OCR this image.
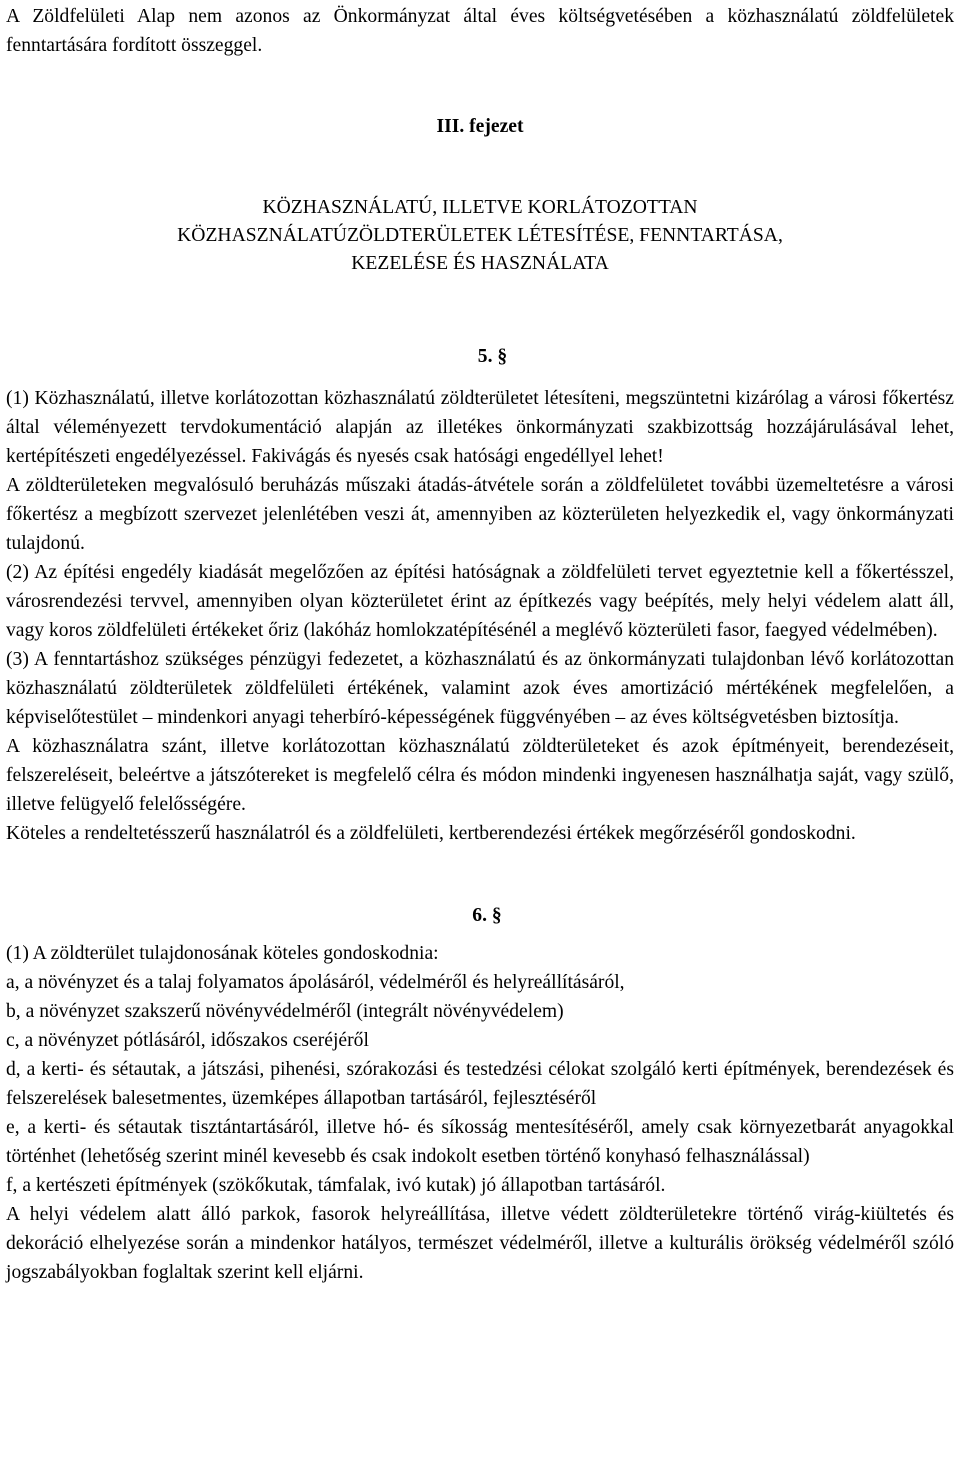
A Zöldfelületi Alap nem azonos az Önkormányzat által éves költségvetésében a közhasználatú zöldfelületek fenntartására fordított összeggel.

III. fejezet
KÖZHASZNÁLATÚ, ILLETVE KORLÁTOZOTTAN
KÖZHASZNÁLATÚZÖLDTERÜLETEK LÉTESÍTÉSE, FENNTARTÁSA,
KEZELÉSE ÉS HASZNÁLATA
5. §

(1) Közhasználatú, illetve korlátozottan közhasználatú zöldterületet létesíteni, megszüntetni kizárólag a városi főkertész által véleményezett tervdokumentáció alapján az illetékes önkormányzati szakbizottság hozzájárulásával lehet, kertépítészeti engedélyezéssel. Fakivágás és nyesés csak hatósági engedéllyel lehet!

A zöldterületeken megvalósuló beruházás műszaki átadás-átvétele során a zöldfelületet további üzemeltetésre a városi főkertész a megbízott szervezet jelenlétében veszi át, amennyiben az közterületen helyezkedik el, vagy önkormányzati tulajdonú.

(2) Az építési engedély kiadását megelőzően az építési hatóságnak a zöldfelületi tervet egyeztetnie kell a főkertésszel, városrendezési tervvel, amennyiben olyan közterületet érint az építkezés vagy beépítés, mely helyi védelem alatt áll, vagy koros zöldfelületi értékeket őriz (lakóház homlokzatépítésénél a meglévő közterületi fasor, faegyed védelmében).

(3) A fenntartáshoz szükséges pénzügyi fedezetet, a közhasználatú és az önkormányzati tulajdonban lévő korlátozottan közhasználatú zöldterületek zöldfelületi értékének, valamint azok éves amortizáció mértékének megfelelően, a képviselőtestület – mindenkori anyagi teherbíró-képességének függvényében – az éves költségvetésben biztosítja.

A közhasználatra szánt, illetve korlátozottan közhasználatú zöldterületeket és azok építményeit, berendezéseit, felszereléseit, beleértve a játszótereket is megfelelő célra és módon mindenki ingyenesen használhatja saját, vagy szülő, illetve felügyelő felelősségére.

Köteles a rendeltetésszerű használatról és a zöldfelületi, kertberendezési értékek megőrzéséről gondoskodni.

6. §

(1) A zöldterület tulajdonosának köteles gondoskodnia:

a, a növényzet és a talaj folyamatos ápolásáról, védelméről és helyreállításáról,

b, a növényzet szakszerű növényvédelméről (integrált növényvédelem)

c, a növényzet pótlásáról, időszakos cseréjéről

d, a kerti- és sétautak, a játszási, pihenési, szórakozási és testedzési célokat szolgáló kerti építmények, berendezések és felszerelések balesetmentes, üzemképes állapotban tartásáról, fejlesztéséről

e, a kerti- és sétautak tisztántartásáról, illetve hó- és síkosság mentesítéséről, amely csak környezetbarát anyagokkal történhet (lehetőség szerint minél kevesebb és csak indokolt esetben történő konyhasó felhasználással)

f, a kertészeti építmények (szökőkutak, támfalak, ivó kutak) jó állapotban tartásáról.

A helyi védelem alatt álló parkok, fasorok helyreállítása, illetve védett zöldterületekre történő virág-kiültetés és dekoráció elhelyezése során a mindenkor hatályos, természet védelméről, illetve a kulturális örökség védelméről szóló jogszabályokban foglaltak szerint kell eljárni.
